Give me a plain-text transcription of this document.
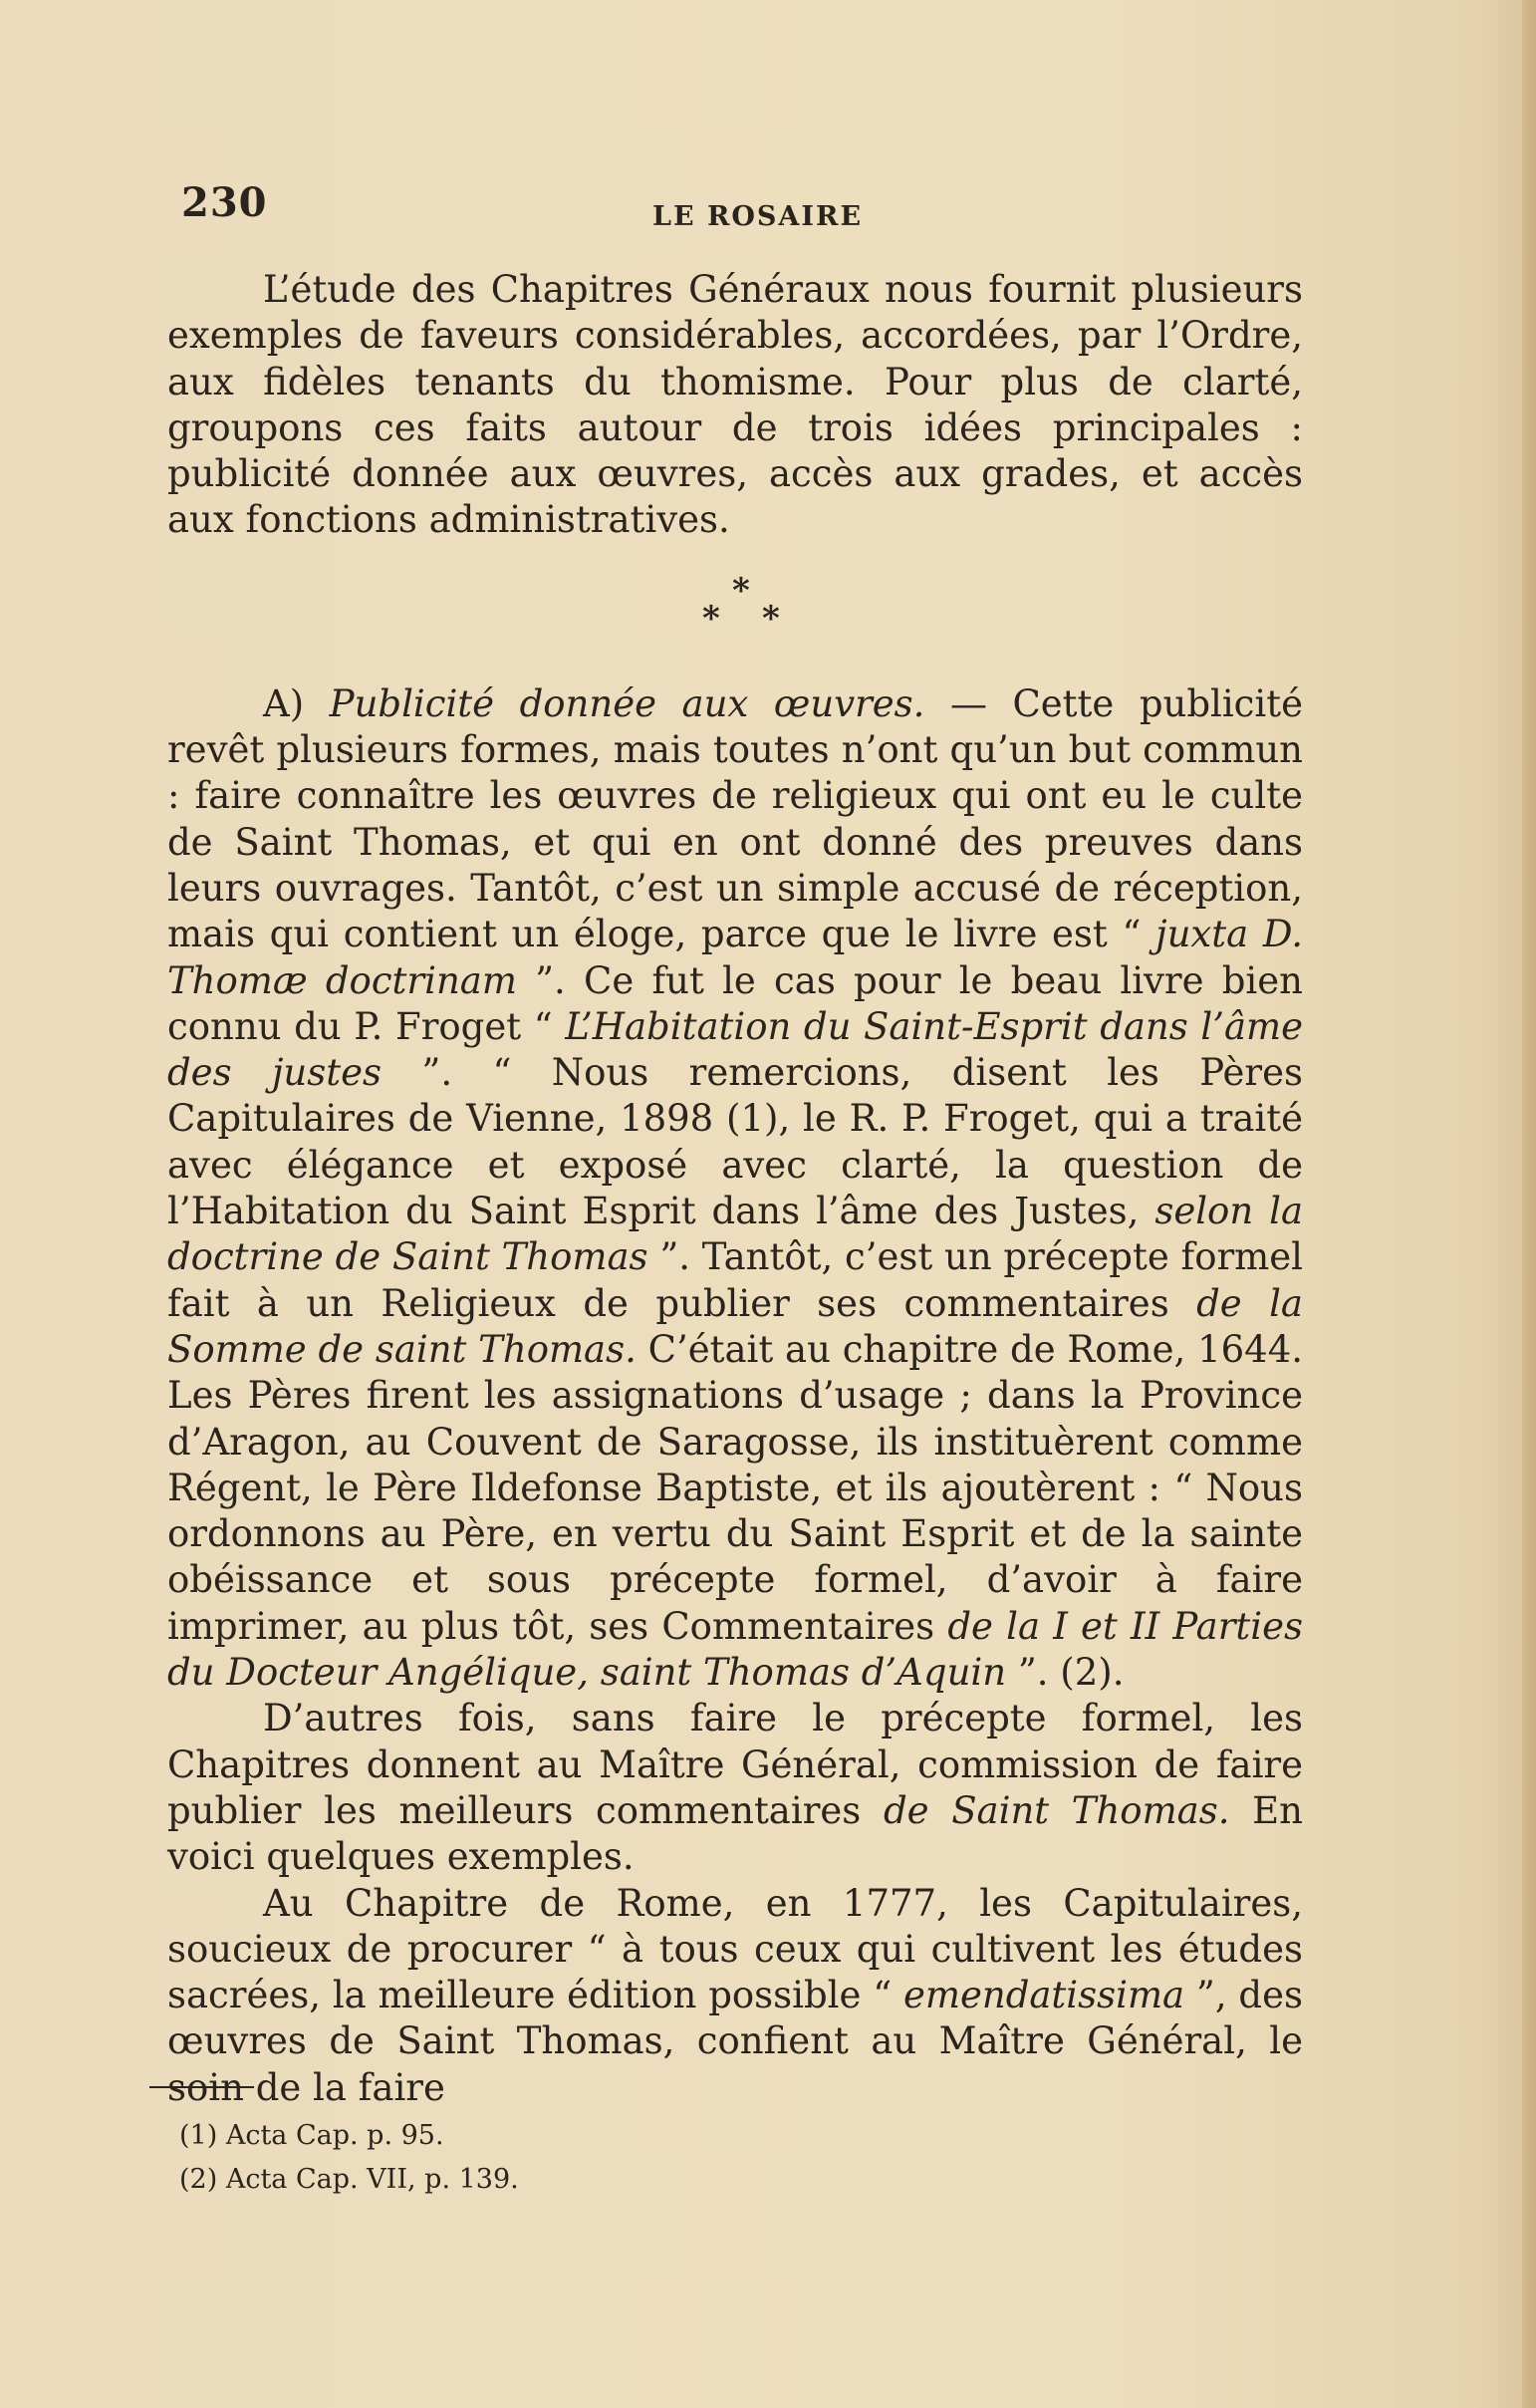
230	LE ROSAIRE

L’étude des Chapitres Généraux nous fournit plusieurs exemples de faveurs considérables, accordées, par l’Ordre, aux fidèles tenants du thomisme. Pour plus de clarté, groupons ces faits autour de trois idées principales : publicité donnée aux œuvres, accès aux grades, et accès aux fonctions administratives.

*
* *

A) Publicité donnée aux œuvres. — Cette publicité revêt plusieurs formes, mais toutes n’ont qu’un but commun : faire connaître les œuvres de religieux qui ont eu le culte de Saint Thomas, et qui en ont donné des preuves dans leurs ouvrages. Tantôt, c’est un simple accusé de réception, mais qui contient un éloge, parce que le livre est “ juxta D. Thomæ doctrinam ”. Ce fut le cas pour le beau livre bien connu du P. Froget “ L’Habitation du Saint-Esprit dans l’âme des justes ”. “ Nous remercions, disent les Pères Capitulaires de Vienne, 1898 (1), le R. P. Froget, qui a traité avec élégance et exposé avec clarté, la question de l’Habitation du Saint Esprit dans l’âme des Justes, selon la doctrine de Saint Thomas ”. Tantôt, c’est un précepte formel fait à un Religieux de publier ses commentaires de la Somme de saint Thomas. C’était au chapitre de Rome, 1644. Les Pères firent les assignations d’usage ; dans la Province d’Aragon, au Couvent de Saragosse, ils instituèrent comme Régent, le Père Ildefonse Baptiste, et ils ajoutèrent : “ Nous ordonnons au Père, en vertu du Saint Esprit et de la sainte obéissance et sous précepte formel, d’avoir à faire imprimer, au plus tôt, ses Commentaires de la I et II Parties du Docteur Angélique, saint Thomas d’Aquin ”. (2).

D’autres fois, sans faire le précepte formel, les Chapitres donnent au Maître Général, commission de faire publier les meilleurs commentaires de Saint Thomas. En voici quelques exemples.

Au Chapitre de Rome, en 1777, les Capitulaires, soucieux de procurer “ à tous ceux qui cultivent les études sacrées, la meilleure édition possible “ emendatissima ”, des œuvres de Saint Thomas, confient au Maître Général, le soin de la faire

(1) Acta Cap. p. 95.
(2) Acta Cap. VII, p. 139.
